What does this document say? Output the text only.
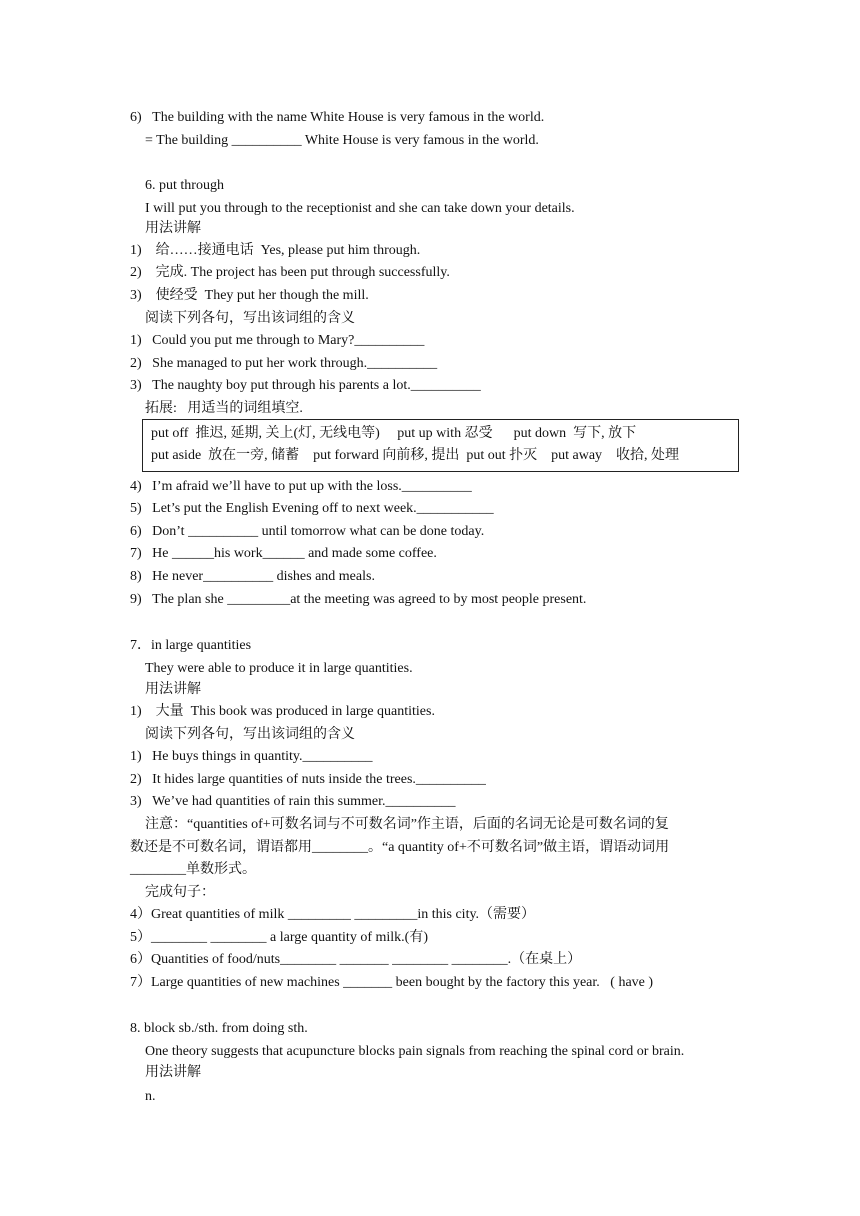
6)   The building with the name White House is very famous in the world.
= The building __________ White House is very famous in the world.
6. put through
I will put you through to the receptionist and she can take down your details.
用法讲解
1)    给……接通电话  Yes, please put him through.
2)    完成. The project has been put through successfully.
3)    使经受  They put her though the mill.
阅读下列各句，写出该词组的含义
1)   Could you put me through to Mary?__________
2)   She managed to put her work through.__________
3)   The naughty boy put through his parents a lot.__________
拓展:   用适当的词组填空.
put off  推迟, 延期, 关上(灯, 无线电等)     put up with 忍受      put down  写下, 放下
put aside  放在一旁, 储蓄    put forward 向前移, 提出  put out 扑灭    put away    收拾, 处理
4)   I’m afraid we’ll have to put up with the loss.__________
5)   Let’s put the English Evening off to next week.___________
6)   Don’t __________ until tomorrow what can be done today.
7)   He ______his work______ and made some coffee.
8)   He never__________ dishes and meals.
9)   The plan she _________at the meeting was agreed to by most people present.
7．in large quantities
They were able to produce it in large quantities.
用法讲解
1)    大量  This book was produced in large quantities.
阅读下列各句，写出该词组的含义
1)   He buys things in quantity.__________
2)   It hides large quantities of nuts inside the trees.__________
3)   We’ve had quantities of rain this summer.__________
注意：“quantities of+可数名词与不可数名词”作主语，后面的名词无论是可数名词的复
数还是不可数名词，谓语都用________。“a quantity of+不可数名词”做主语，谓语动词用
________单数形式。
完成句子：
4）Great quantities of milk _________ _________in this city.（需要）
5）________ ________ a large quantity of milk.(有)
6）Quantities of food/nuts________ _______ ________ ________.（在桌上）
7）Large quantities of new machines _______ been bought by the factory this year.   ( have )
8. block sb./sth. from doing sth.
One theory suggests that acupuncture blocks pain signals from reaching the spinal cord or brain.
用法讲解
n.
